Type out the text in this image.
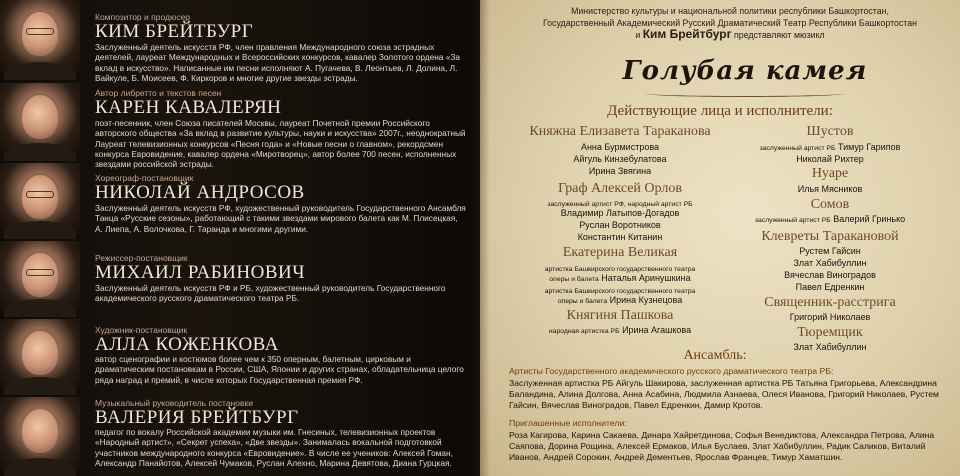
Композитор и продюсер
КИМ БРЕЙТБУРГ
Заслуженный деятель искусств РФ, член правления Международного союза эстрадных деятелей, лауреат Международных и Всероссийских конкурсов, кавалер Золотого ордена «За вклад в искусство». Написанные им песни исполняют А. Пугачева, В. Леонтьев, Л. Долина, Л. Вайкуле, Б. Моисеев, Ф. Киркоров и многие другие звезды эстрады.
Автор либретто и текстов песен
КАРЕН КАВАЛЕРЯН
поэт-песенник, член Союза писателей Москвы, лауреат Почетной премии Российского авторского общества «За вклад в развитие культуры, науки и искусства» 2007г., неоднократный Лауреат телевизионных конкурсов «Песня года» и «Новые песни о главном», рекордсмен конкурса Евровидение, кавалер ордена «Миротворец», автор более 700 песен, исполненных звездами российской эстрады.
Хореограф-постановщик
НИКОЛАЙ АНДРОСОВ
Заслуженный деятель искусств РФ, художественный руководитель Государственного Ансамбля Танца «Русские сезоны», работающий с такими звездами мирового балета как М. Плисецкая, А. Лиепа, А. Волочкова, Г. Таранда и многими другими.
Режиссер-постановщик
МИХАИЛ РАБИНОВИЧ
Заслуженный деятель искусств РФ и РБ, художественный руководитель Государственного академического русского драматического театра РБ.
Художник-постановщик
АЛЛА КОЖЕНКОВА
автор сценографии и костюмов более чем к 350 оперным, балетным, цирковым и драматическим постановкам в России, США, Японии и других странах, обладательница целого ряда наград и премий, в числе которых Государственная премия РФ.
Музыкальный руководитель постановки
ВАЛЕРИЯ БРЕЙТБУРГ
педагог по вокалу Российской академии музыки им. Гнесиных, телевизионных проектов «Народный артист», «Секрет успеха», «Две звезды». Занималась вокальной подготовкой участников международного конкурса «Евровидение». В числе ее учеников: Алексей Гоман, Александр Панайотов, Алексей Чумаков, Руслан Алехно, Марина Девятова, Диана Гурцкая.
Министерство культуры и национальной политики республики Башкортостан,
Государственный Академический Русский Драматический Театр Республики Башкортостан
и Ким Брейтбург представляют мюзикл
Голубая камея
Действующие лица и исполнители:
Княжна Елизавета Тараканова
Анна Бурмистрова
Айгуль Кинзебулатова
Ирина Звягина
Граф Алексей Орлов
заслуженный артист РФ, народный артист РБ
Владимир Латыпов-Догадов
Руслан Воротников
Константин Китанин
Екатерина Великая
артистка Башкирского государственного театра
оперы и балета Наталья Аринушкина
артистка Башкирского государственного театра
оперы и балета Ирина Кузнецова
Княгиня Пашкова
народная артистка РБ Ирина Агашкова
Шустов
заслуженный артист РБ Тимур Гарипов
Николай Рихтер
Нуаре
Илья Мясников
Сомов
заслуженный артист РБ Валерий Гринько
Клевреты Таракановой
Рустем Гайсин
Злат Хабибуллин
Вячеслав Виноградов
Павел Едренкин
Священник-расстрига
Григорий Николаев
Тюремщик
Злат Хабибуллин
Ансамбль:
Артисты Государственного академического русского драматического театра РБ:
Заслуженная артистка РБ Айгуль Шакирова, заслуженная артистка РБ Татьяна Григорьева, Александрина Баландина, Алина Долгова, Анна Асабина, Людмила Азнаева, Олеся Иванова, Григорий Николаев, Рустем Гайсин, Вячеслав Виноградов, Павел Едренкин, Дамир Кротов.
Приглашенные исполнители:
Роза Кагирова, Карина Сакаева, Динара Хайретдинова, Софья Венедиктова, Александра Петрова, Алина Саяпова, Дорина Рощина, Алексей Ермаков, Илья Буслаев, Злат Хабибуллин, Радик Саликов, Виталий Иванов, Андрей Сорокин, Андрей Дементьев, Ярослав Францев, Тимур Хаматшин.
